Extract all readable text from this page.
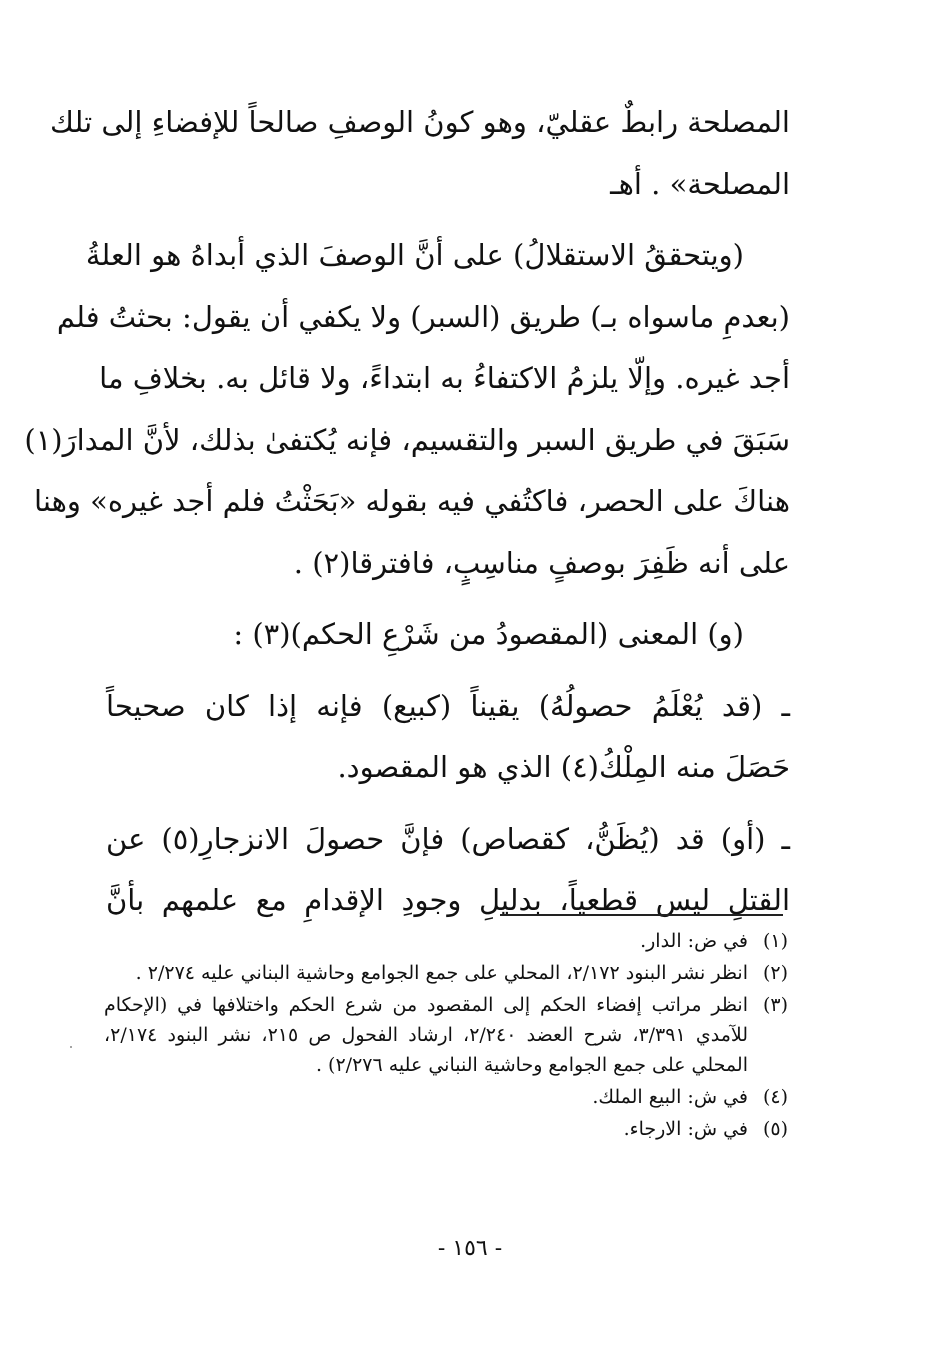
المصلحة رابطٌ عقليّ، وهو كونُ الوصفِ صالحاً للإفضاءِ إلى تلك
المصلحة» . أهـ

(ويتحققُ الاستقلالُ) على أنَّ الوصفَ الذي أبداهُ هو العلةُ
(بعدمِ ماسواه بـ) طريق (السبر) ولا يكفي أن يقول: بحثتُ فلم
أجد غيره. وإلّا يلزمُ الاكتفاءُ به ابتداءً، ولا قائل به. بخلافِ ما
سَبَقَ في طريق السبر والتقسيم، فإنه يُكتفىٰ بذلك، لأنَّ المدارَ(١)
هناكَ على الحصر، فاكتُفي فيه بقوله «بَحَثْتُ فلم أجد غيره» وهنا
على أنه ظَفِرَ بوصفٍ مناسِبٍ، فافترقا(٢) .

(و) المعنى (المقصودُ من شَرْعِ الحكم)(٣) :

ـ (قد يُعْلَمُ حصولُهُ) يقيناً (كبيع) فإنه إذا كان صحيحاً
حَصَلَ منه المِلْكُ(٤) الذي هو المقصود.

ـ (أو) قد (يُظَنُّ، كقصاص) فإنَّ حصولَ الانزجارِ(٥) عن
القتلِ ليس قطعياً، بدليلِ وجودِ الإقدامِ مع علمهم بأنَّ

(١)
في ض: الدار.
(٢)
انظر نشر البنود ٢/١٧٢، المحلي على جمع الجوامع وحاشية البناني عليه ٢/٢٧٤ .
(٣)
انظر مراتب إفضاء الحكم إلى المقصود من شرع الحكم واختلافها في (الإحكام للآمدي ٣/٣٩١، شرح العضد ٢/٢٤٠، ارشاد الفحول ص ٢١٥، نشر البنود ٢/١٧٤، المحلي على جمع الجوامع وحاشية النباني عليه ٢/٢٧٦) .
(٤)
في ش: البيع الملك.
(٥)
في ش: الارجاء.
- ١٥٦ -
